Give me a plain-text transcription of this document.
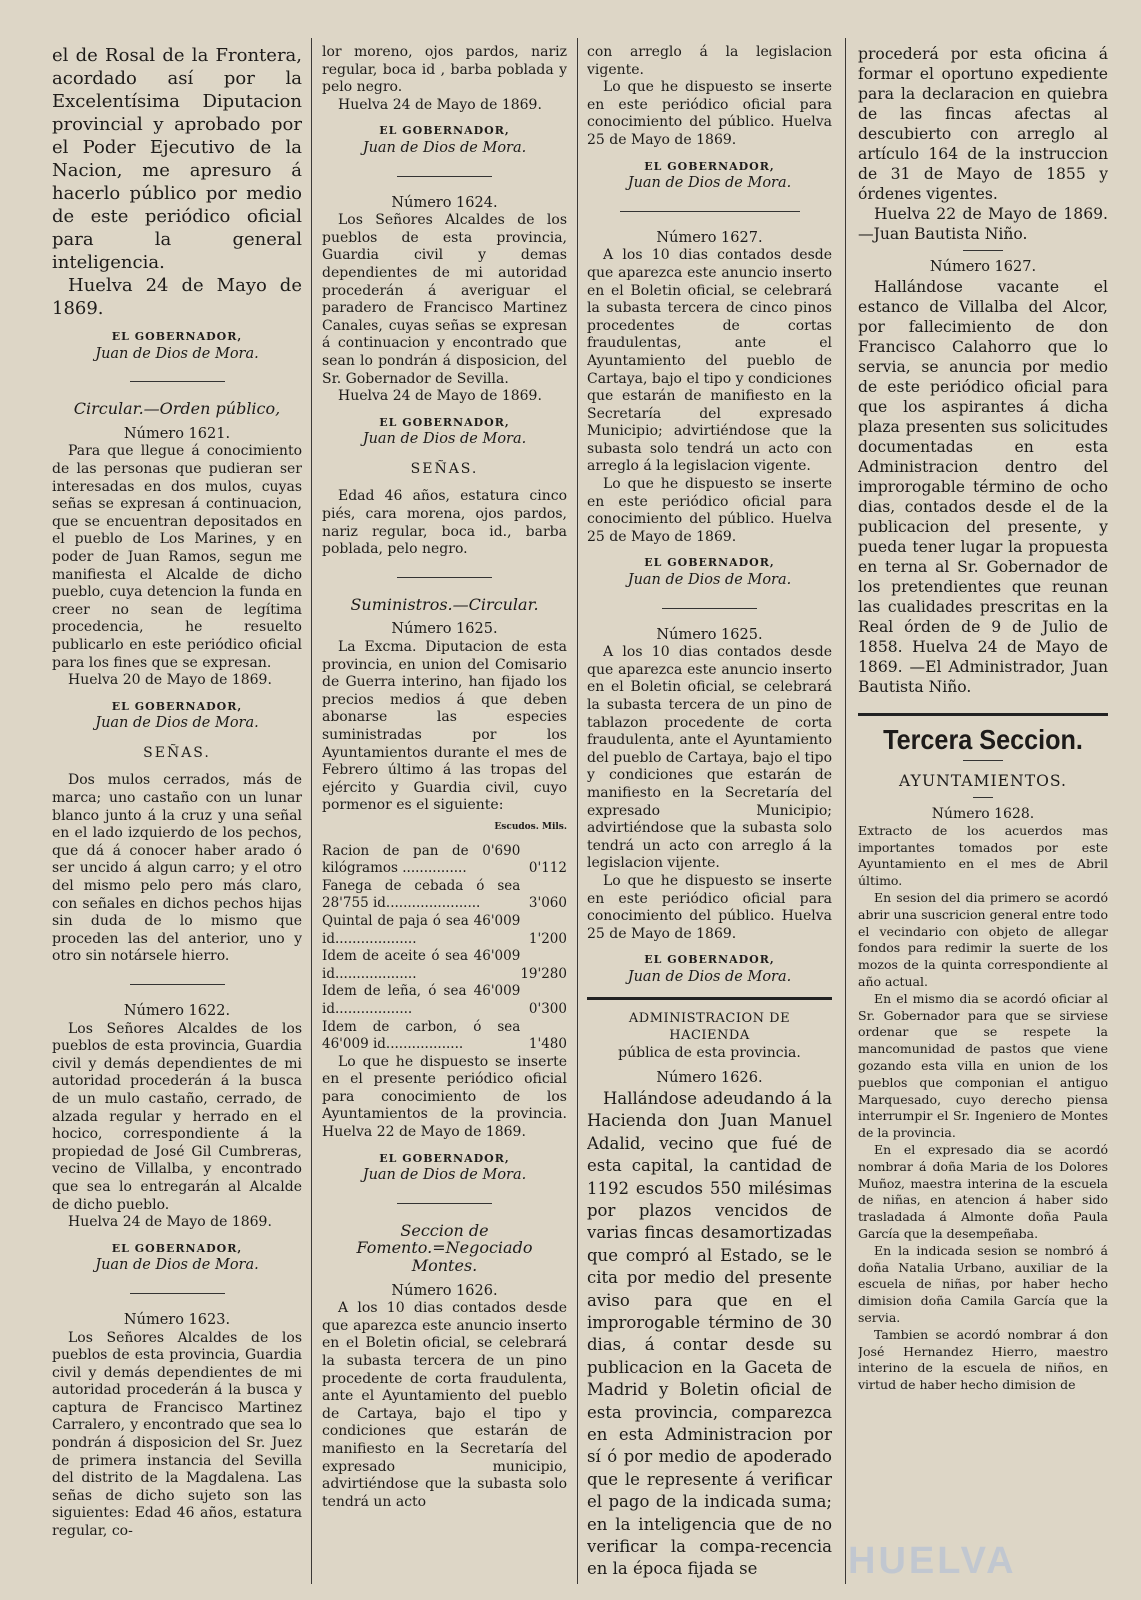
el de Rosal de la Frontera, acordado así por la Excelentísima Diputacion provincial y aprobado por el Poder Ejecutivo de la Nacion, me apresuro á hacerlo público por medio de este periódico oficial para la general inteligencia.

Huelva 24 de Mayo de 1869.

EL GOBERNADOR,

Juan de Dios de Mora.

Circular.—Orden público,

Número 1621.

Para que llegue á conocimiento de las personas que pudieran ser interesadas en dos mulos, cuyas señas se expresan á continuacion, que se encuentran depositados en el pueblo de Los Marines, y en poder de Juan Ramos, segun me manifiesta el Alcalde de dicho pueblo, cuya detencion la funda en creer no sean de legítima procedencia, he resuelto publicarlo en este periódico oficial para los fines que se expresan.

Huelva 20 de Mayo de 1869.

EL GOBERNADOR,

Juan de Dios de Mora.

SEÑAS.

Dos mulos cerrados, más de marca; uno castaño con un lunar blanco junto á la cruz y una señal en el lado izquierdo de los pechos, que dá á conocer haber arado ó ser uncido á algun carro; y el otro del mismo pelo pero más claro, con señales en dichos pechos hijas sin duda de lo mismo que proceden las del anterior, uno y otro sin notársele hierro.

Número 1622.

Los Señores Alcaldes de los pueblos de esta provincia, Guardia civil y demás dependientes de mi autoridad procederán á la busca de un mulo castaño, cerrado, de alzada regular y herrado en el hocico, correspondiente á la propiedad de José Gil Cumbreras, vecino de Villalba, y encontrado que sea lo entregarán al Alcalde de dicho pueblo.

Huelva 24 de Mayo de 1869.

EL GOBERNADOR,

Juan de Dios de Mora.

Número 1623.

Los Señores Alcaldes de los pueblos de esta provincia, Guardia civil y demás dependientes de mi autoridad procederán á la busca y captura de Francisco Martinez Carralero, y encontrado que sea lo pondrán á disposicion del Sr. Juez de primera instancia del Sevilla del distrito de la Magdalena. Las señas de dicho sujeto son las siguientes: Edad 46 años, estatura regular, co-

lor moreno, ojos pardos, nariz regular, boca id , barba poblada y pelo negro.

Huelva 24 de Mayo de 1869.

EL GOBERNADOR,

Juan de Dios de Mora.

Número 1624.

Los Señores Alcaldes de los pueblos de esta provincia, Guardia civil y demas dependientes de mi autoridad procederán á averiguar el paradero de Francisco Martinez Canales, cuyas señas se expresan á continuacion y encontrado que sean lo pondrán á disposicion, del Sr. Gobernador de Sevilla.

Huelva 24 de Mayo de 1869.

EL GOBERNADOR,

Juan de Dios de Mora.

SEÑAS.

Edad 46 años, estatura cinco piés, cara morena, ojos pardos, nariz regular, boca id., barba poblada, pelo negro.

Suministros.—Circular.

Número 1625.

La Excma. Diputacion de esta provincia, en union del Comisario de Guerra interino, han fijado los precios medios á que deben abonarse las especies suministradas por los Ayuntamientos durante el mes de Febrero último á las tropas del ejército y Guardia civil, cuyo pormenor es el siguiente:

Escudos. Mils.

Racion de pan de 0'690 kilógramos ...............	0'112
Fanega de cebada ó sea 28'755 id......................	3'060
Quintal de paja ó sea 46'009 id...................	1'200
Idem de aceite ó sea 46'009 id...................	19'280
Idem de leña, ó sea 46'009 id..................	0'300
Idem de carbon, ó sea 46'009 id..................	1'480

Lo que he dispuesto se inserte en el presente periódico oficial para conocimiento de los Ayuntamientos de la provincia. Huelva 22 de Mayo de 1869.

EL GOBERNADOR,

Juan de Dios de Mora.

Seccion de Fomento.=Negociado Montes.

Número 1626.

A los 10 dias contados desde que aparezca este anuncio inserto en el Boletin oficial, se celebrará la subasta tercera de un pino procedente de corta fraudulenta, ante el Ayuntamiento del pueblo de Cartaya, bajo el tipo y condiciones que estarán de manifiesto en la Secretaría del expresado municipio, advirtiéndose que la subasta solo tendrá un acto

con arreglo á la legislacion vigente.

Lo que he dispuesto se inserte en este periódico oficial para conocimiento del público. Huelva 25 de Mayo de 1869.

EL GOBERNADOR,

Juan de Dios de Mora.

Número 1627.

A los 10 dias contados desde que aparezca este anuncio inserto en el Boletin oficial, se celebrará la subasta tercera de cinco pinos procedentes de cortas fraudulentas, ante el Ayuntamiento del pueblo de Cartaya, bajo el tipo y condiciones que estarán de manifiesto en la Secretaría del expresado Municipio; advirtiéndose que la subasta solo tendrá un acto con arreglo á la legislacion vigente.

Lo que he dispuesto se inserte en este periódico oficial para conocimiento del público. Huelva 25 de Mayo de 1869.

EL GOBERNADOR,

Juan de Dios de Mora.

Número 1625.

A los 10 dias contados desde que aparezca este anuncio inserto en el Boletin oficial, se celebrará la subasta tercera de un pino de tablazon procedente de corta fraudulenta, ante el Ayuntamiento del pueblo de Cartaya, bajo el tipo y condiciones que estarán de manifiesto en la Secretaría del expresado Municipio; advirtiéndose que la subasta solo tendrá un acto con arreglo á la legislacion vijente.

Lo que he dispuesto se inserte en este periódico oficial para conocimiento del público. Huelva 25 de Mayo de 1869.

EL GOBERNADOR,

Juan de Dios de Mora.

ADMINISTRACION DE HACIENDA

pública de esta provincia.

Número 1626.

Hallándose adeudando á la Hacienda don Juan Manuel Adalid, vecino que fué de esta capital, la cantidad de 1192 escudos 550 milésimas por plazos vencidos de varias fincas desamortizadas que compró al Estado, se le cita por medio del presente aviso para que en el improrogable término de 30 dias, á contar desde su publicacion en la Gaceta de Madrid y Boletin oficial de esta provincia, comparezca en esta Administracion por sí ó por medio de apoderado que le represente á verificar el pago de la indicada suma; en la inteligencia que de no verificar la compa-recencia en la época fijada se

procederá por esta oficina á formar el oportuno expediente para la declaracion en quiebra de las fincas afectas al descubierto con arreglo al artículo 164 de la instruccion de 31 de Mayo de 1855 y órdenes vigentes.

Huelva 22 de Mayo de 1869.—Juan Bautista Niño.

Número 1627.

Hallándose vacante el estanco de Villalba del Alcor, por fallecimiento de don Francisco Calahorro que lo servia, se anuncia por medio de este periódico oficial para que los aspirantes á dicha plaza presenten sus solicitudes documentadas en esta Administracion dentro del improrogable término de ocho dias, contados desde el de la publicacion del presente, y pueda tener lugar la propuesta en terna al Sr. Gobernador de los pretendientes que reunan las cualidades prescritas en la Real órden de 9 de Julio de 1858. Huelva 24 de Mayo de 1869. —El Administrador, Juan Bautista Niño.

Tercera Seccion.

AYUNTAMIENTOS.

Número 1628.

Extracto de los acuerdos mas importantes tomados por este Ayuntamiento en el mes de Abril último.

En sesion del dia primero se acordó abrir una suscricion general entre todo el vecindario con objeto de allegar fondos para redimir la suerte de los mozos de la quinta correspondiente al año actual.

En el mismo dia se acordó oficiar al Sr. Gobernador para que se sirviese ordenar que se respete la mancomunidad de pastos que viene gozando esta villa en union de los pueblos que componian el antiguo Marquesado, cuyo derecho piensa interrumpir el Sr. Ingeniero de Montes de la provincia.

En el expresado dia se acordó nombrar á doña Maria de los Dolores Muñoz, maestra interina de la escuela de niñas, en atencion á haber sido trasladada á Almonte doña Paula García que la desempeñaba.

En la indicada sesion se nombró á doña Natalia Urbano, auxiliar de la escuela de niñas, por haber hecho dimision doña Camila García que la servia.

Tambien se acordó nombrar á don José Hernandez Hierro, maestro interino de la escuela de niños, en virtud de haber hecho dimision de

HUELVA
